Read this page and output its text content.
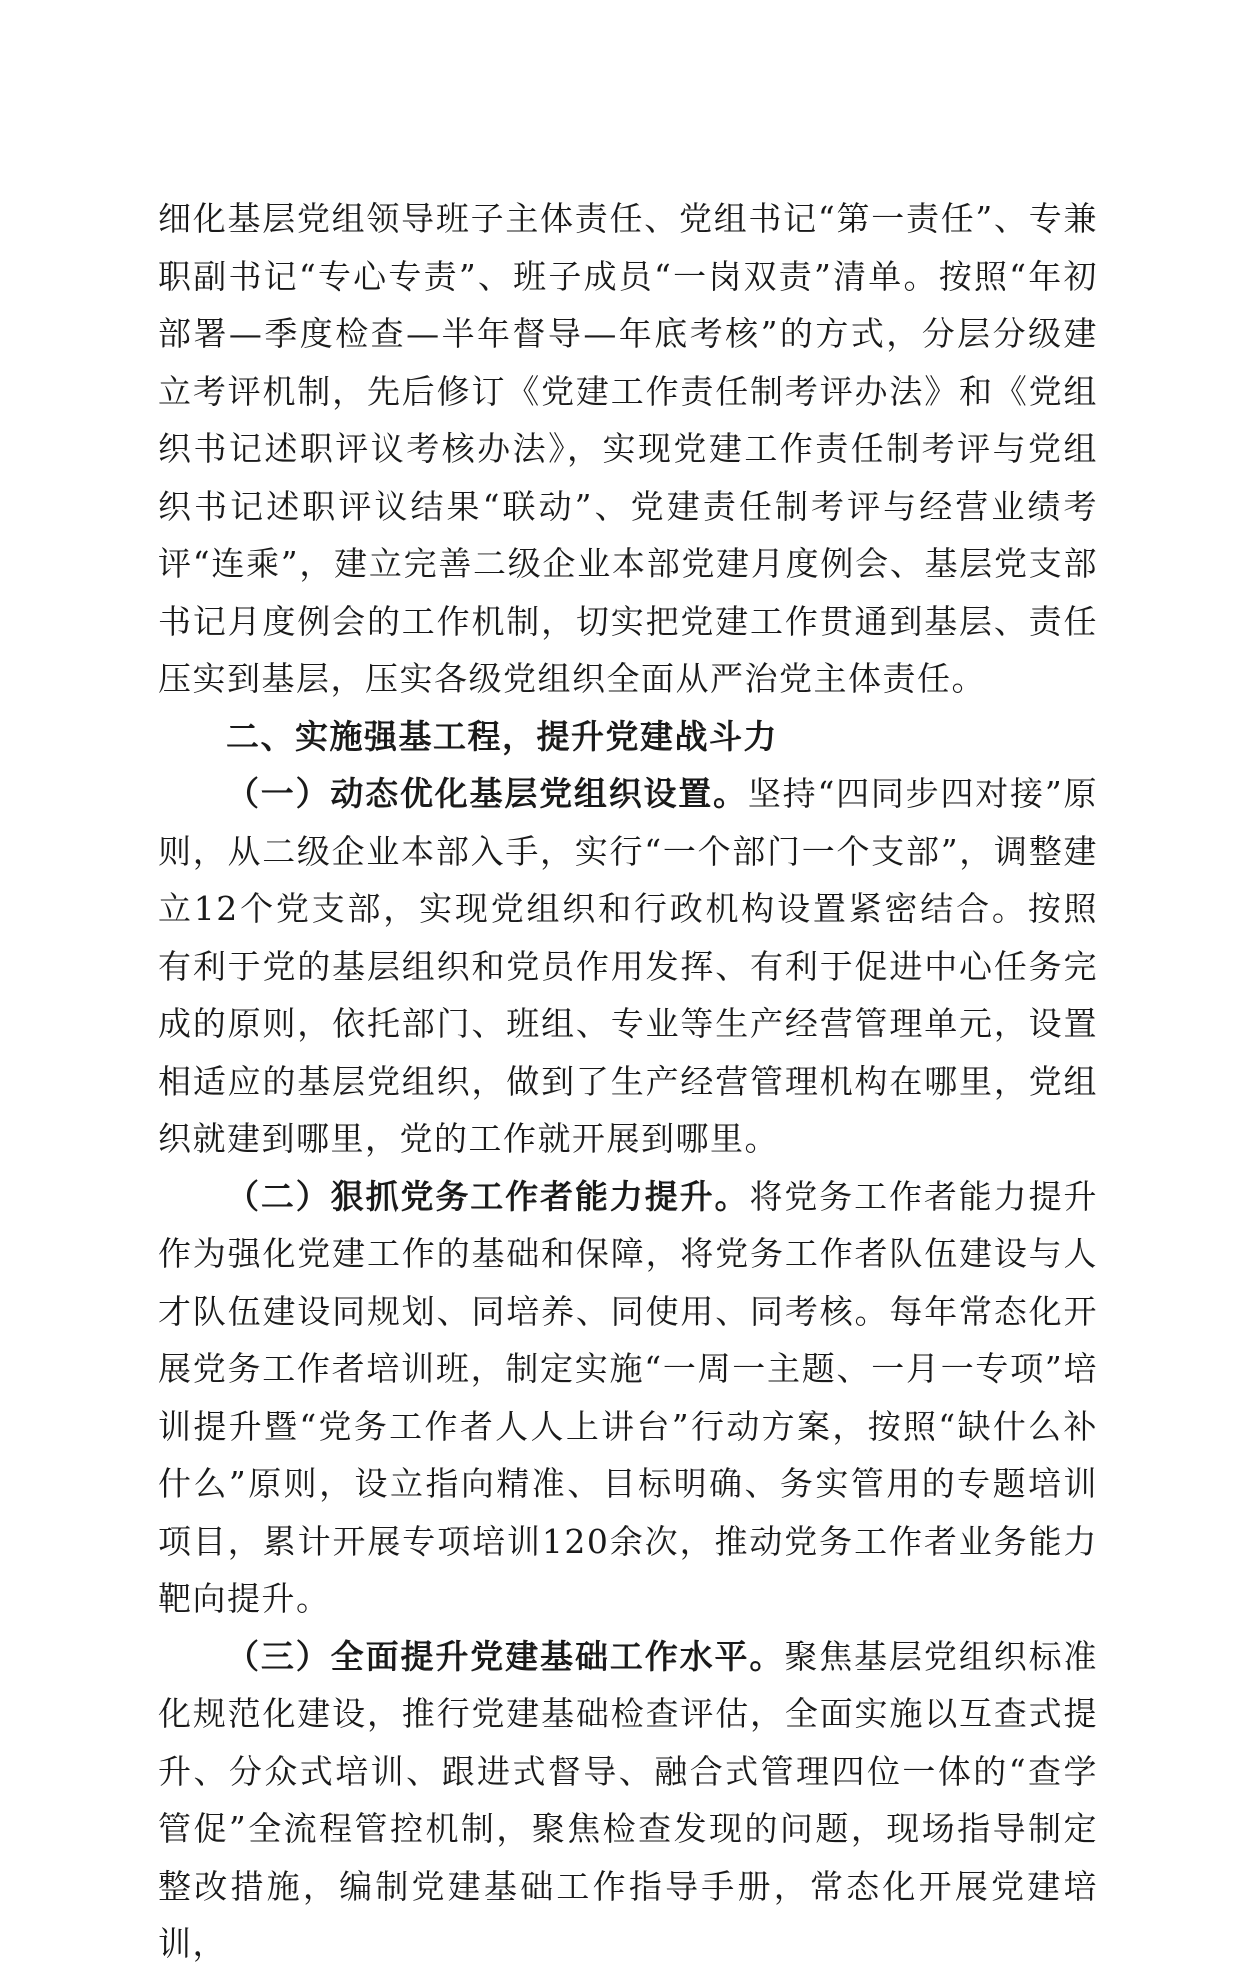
细化基层党组领导班子主体责任、党组书记“第一责任”、专兼职副书记“专心专责”、班子成员“一岗双责”清单。按照“年初部署—季度检查—半年督导—年底考核”的方式，分层分级建立考评机制，先后修订《党建工作责任制考评办法》和《党组织书记述职评议考核办法》，实现党建工作责任制考评与党组织书记述职评议结果“联动”、党建责任制考评与经营业绩考评“连乘”，建立完善二级企业本部党建月度例会、基层党支部书记月度例会的工作机制，切实把党建工作贯通到基层、责任压实到基层，压实各级党组织全面从严治党主体责任。

二、实施强基工程，提升党建战斗力

（一）动态优化基层党组织设置。坚持“四同步四对接”原则，从二级企业本部入手，实行“一个部门一个支部”，调整建立12个党支部，实现党组织和行政机构设置紧密结合。按照有利于党的基层组织和党员作用发挥、有利于促进中心任务完成的原则，依托部门、班组、专业等生产经营管理单元，设置相适应的基层党组织，做到了生产经营管理机构在哪里，党组织就建到哪里，党的工作就开展到哪里。

（二）狠抓党务工作者能力提升。将党务工作者能力提升作为强化党建工作的基础和保障，将党务工作者队伍建设与人才队伍建设同规划、同培养、同使用、同考核。每年常态化开展党务工作者培训班，制定实施“一周一主题、一月一专项”培训提升暨“党务工作者人人上讲台”行动方案，按照“缺什么补什么”原则，设立指向精准、目标明确、务实管用的专题培训项目，累计开展专项培训120余次，推动党务工作者业务能力靶向提升。

（三）全面提升党建基础工作水平。聚焦基层党组织标准化规范化建设，推行党建基础检查评估，全面实施以互查式提升、分众式培训、跟进式督导、融合式管理四位一体的“查学管促”全流程管控机制，聚焦检查发现的问题，现场指导制定整改措施，编制党建基础工作指导手册，常态化开展党建培训，
